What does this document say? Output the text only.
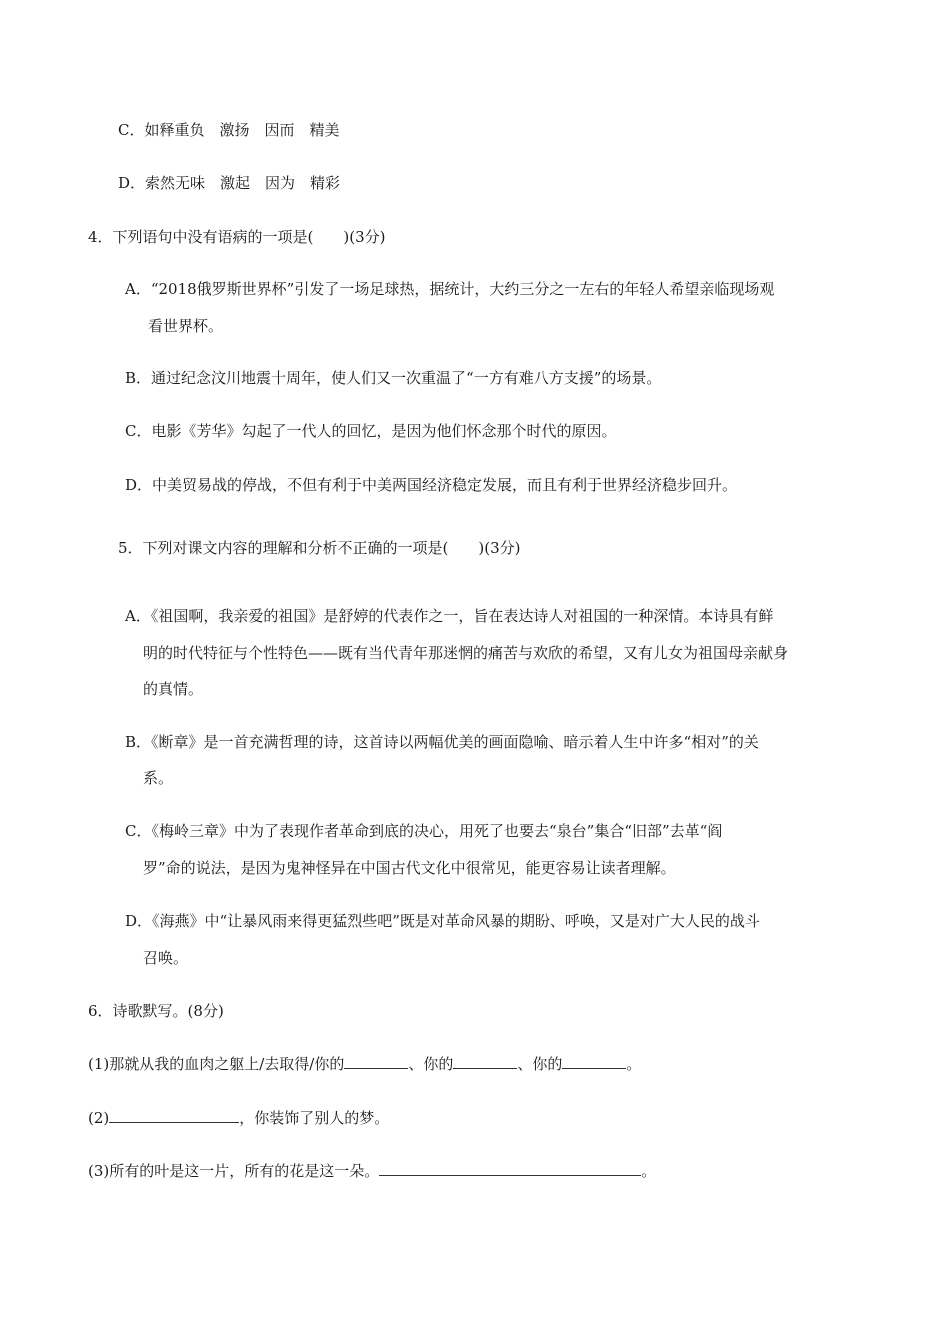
C．如释重负　激扬　因而　精美
D．索然无味　激起　因为　精彩
4．下列语句中没有语病的一项是(　　)(3分)
A．“2018俄罗斯世界杯”引发了一场足球热，据统计，大约三分之一左右的年轻人希望亲临现场观
看世界杯。
B．通过纪念汶川地震十周年，使人们又一次重温了“一方有难八方支援”的场景。
C．电影《芳华》勾起了一代人的回忆，是因为他们怀念那个时代的原因。
D．中美贸易战的停战，不但有利于中美两国经济稳定发展，而且有利于世界经济稳步回升。
5．下列对课文内容的理解和分析不正确的一项是(　　)(3分)
A．《祖国啊，我亲爱的祖国》是舒婷的代表作之一，旨在表达诗人对祖国的一种深情。本诗具有鲜
明的时代特征与个性特色——既有当代青年那迷惘的痛苦与欢欣的希望，又有儿女为祖国母亲献身
的真情。
B．《断章》是一首充满哲理的诗，这首诗以两幅优美的画面隐喻、暗示着人生中许多“相对”的关
系。
C．《梅岭三章》中为了表现作者革命到底的决心，用死了也要去“泉台”集合“旧部”去革“阎
罗”命的说法，是因为鬼神怪异在中国古代文化中很常见，能更容易让读者理解。
D．《海燕》中“让暴风雨来得更猛烈些吧”既是对革命风暴的期盼、呼唤，又是对广大人民的战斗
召唤。
6．诗歌默写。(8分)
(1)那就从我的血肉之躯上/去取得/你的	、你的	、你的	。
(2)	，你装饰了别人的梦。
(3)所有的叶是这一片，所有的花是这一朵。	。
